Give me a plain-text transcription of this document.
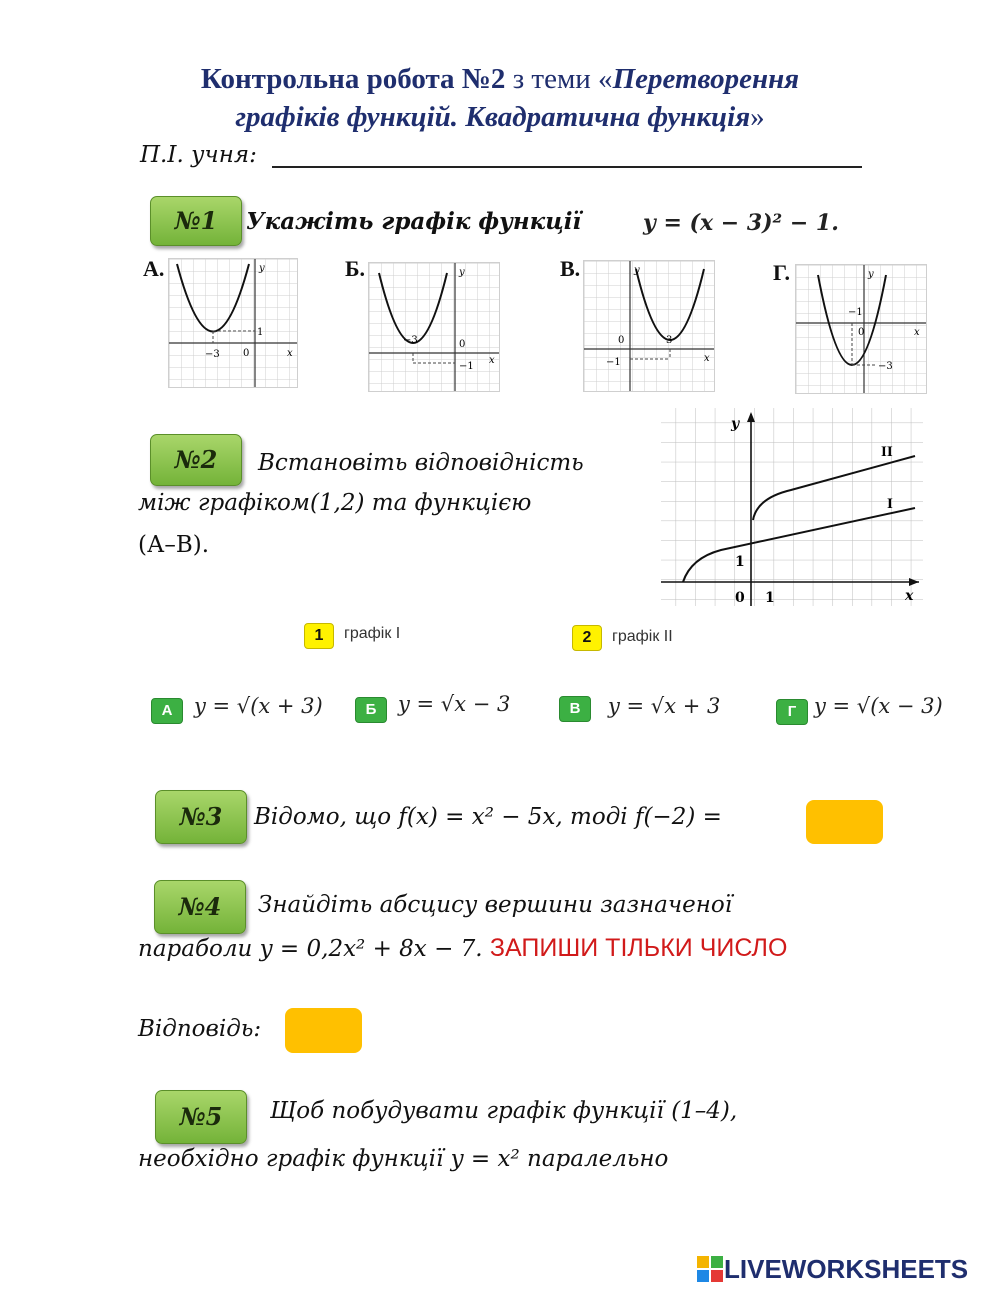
Контрольна робота №2 з теми «Перетворення
графіків функцій. Квадратична функція»
П.І. учня:
№1	Укажіть графік функції	y = (x − 3)² − 1.
А.	Б.	В.	Г.
1
−3 0	x
y
−3
−1
0
x
y
3
−1
0
x
y
−1
−3
0	x
y
№2	Встановіть відповідність
між графіком(1,2) та функцією
(А–В).
y
x
1
0 1
I
II
1	графік І	2	графік ІІ
А	y = √(x + 3)	Б	y = √x − 3	В	y = √x + 3	Г y = √(x − 3)
№3	Відомо, що f(x) = x² − 5x, тоді f(−2) =
№4	Знайдіть абсцису вершини зазначеної
параболи y = 0,2x² + 8x − 7. ЗАПИШИ ТІЛЬКИ ЧИСЛО
Відповідь:
№5	Щоб побудувати графік функції (1–4),
необхідно графік функції y = x² паралельно
LIVEWORKSHEETS
